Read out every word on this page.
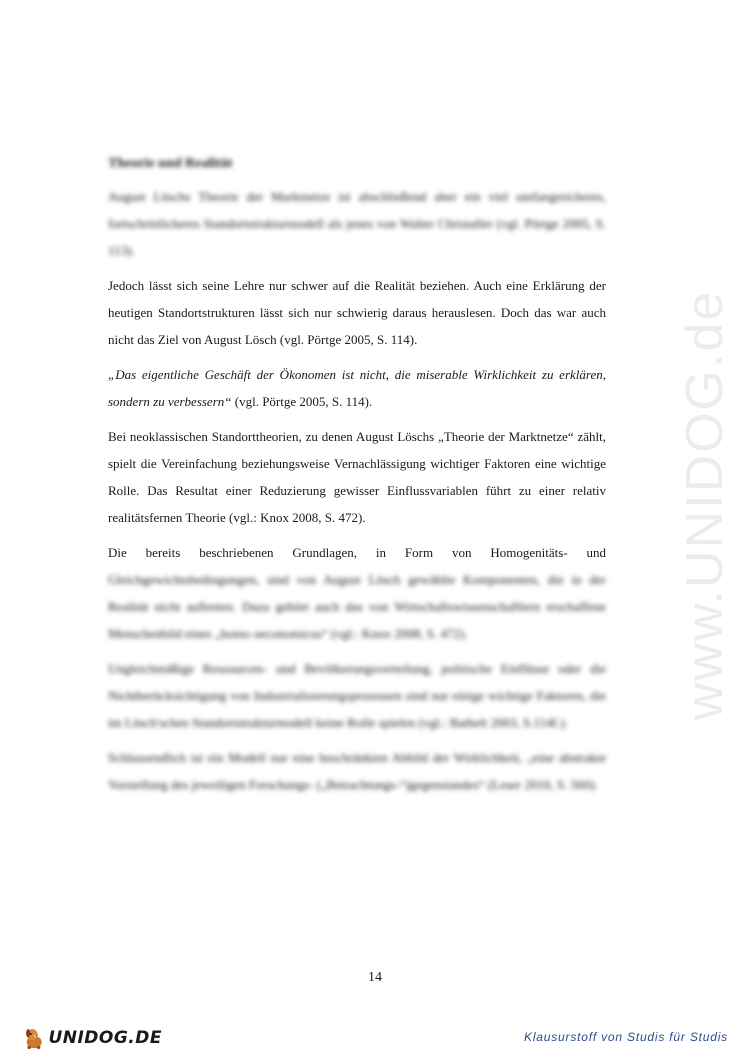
www.UNIDOG.de
Theorie und Realität

August Löschs Theorie der Marktnetze ist abschließend aber ein viel umfangreicheres, fortschrittlicheres Standortstrukturmodell als jenes von Walter Christaller (vgl. Pörtge 2005, S. 113).

Jedoch lässt sich seine Lehre nur schwer auf die Realität beziehen. Auch eine Erklärung der heutigen Standortstrukturen lässt sich nur schwierig daraus herauslesen. Doch das war auch nicht das Ziel von August Lösch (vgl. Pörtge 2005, S. 114).

„Das eigentliche Geschäft der Ökonomen ist nicht, die miserable Wirklichkeit zu erklären, sondern zu verbessern“ (vgl. Pörtge 2005, S. 114).

Bei neoklassischen Standorttheorien, zu denen August Löschs „Theorie der Marktnetze“ zählt, spielt die Vereinfachung beziehungsweise Vernachlässigung wichtiger Faktoren eine wichtige Rolle. Das Resultat einer Reduzierung gewisser Einflussvariablen führt zu einer relativ realitätsfernen Theorie (vgl.: Knox 2008, S. 472).

Die bereits beschriebenen Grundlagen, in Form von Homogenitäts- und

Gleichgewichtsbedingungen, sind von August Lösch gewählte Komponenten, die in der Realität nicht auftreten. Dazu gehört auch das von Wirtschaftswissenschaftlern erschaffene Menschenbild eines „homo oeconomicus“ (vgl.: Knox 2008, S. 472).

Ungleichmäßige Ressourcen- und Bevölkerungsverteilung, politische Einflüsse oder die Nichtberücksichtigung von Industrialisierungsprozessen sind nur einige wichtige Faktoren, die im Lösch'schen Standortstrukturmodell keine Rolle spielen (vgl.: Bathelt 2003, S.114f.).

Schlussendlich ist ein Modell nur eine beschränkten Abbild der Wirklichkeit, „eine abstrakte Vorstellung des jeweiligen Forschungs- („Betrachtungs-“)gegenstandes“ (Leser 2010, S. 560).

14
UNIDOG.DE	Klausurstoff von Studis für Studis
